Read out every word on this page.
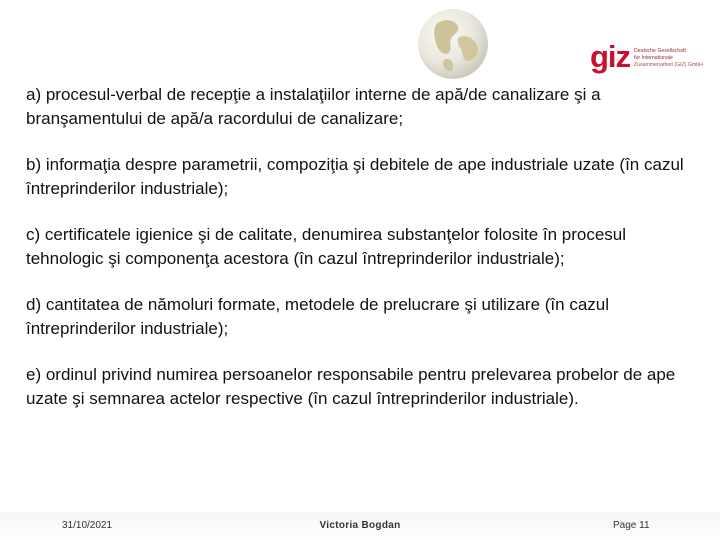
giz Deutsche Gesellschaft
für Internationale
Zusammenarbeit (GIZ) GmbH

a) procesul-verbal de recepţie a instalaţiilor interne de apă/de canalizare şi a branşamentului de apă/a racordului de canalizare;

b) informaţia despre parametrii, compoziţia şi debitele de ape industriale uzate (în cazul întreprinderilor industriale);

c) certificatele igienice şi de calitate, denumirea substanţelor folosite în procesul tehnologic şi componenţa acestora (în cazul întreprinderilor industriale);

d) cantitatea de nămoluri formate, metodele de prelucrare şi utilizare (în cazul întreprinderilor industriale);

e) ordinul privind numirea persoanelor responsabile pentru prelevarea probelor de ape uzate şi semnarea actelor respective (în cazul întreprinderilor industriale).

31/10/2021	Victoria Bogdan	Page 11
